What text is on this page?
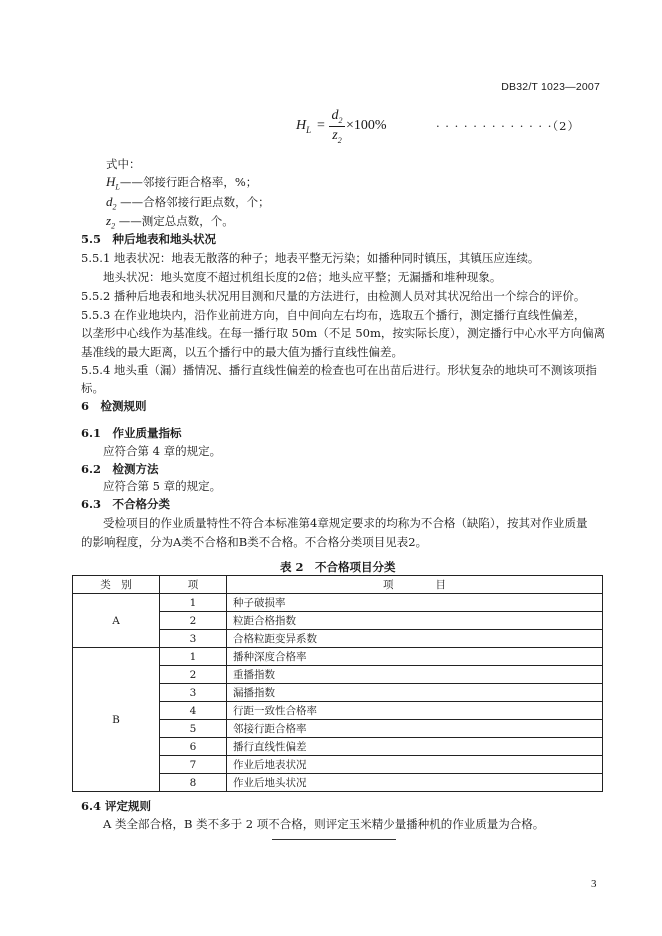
DB32/T 1023—2007
$H_L = \frac{d_2}{z_2} \times 100\%$	· · · · · · · · · · · · ·（2）
式中：
$H_L——$邻接行距合格率，%；
$d_2$ ——合格邻接行距点数，个；
$z_2$ ——测定总点数，个。
5.5　种后地表和地头状况
5.5.1 地表状况：地表无散落的种子；地表平整无污染；如播种同时镇压，其镇压应连续。
地头状况：地头宽度不超过机组长度的2倍；地头应平整；无漏播和堆种现象。
5.5.2 播种后地表和地头状况用目测和尺量的方法进行，由检测人员对其状况给出一个综合的评价。
5.5.3 在作业地块内，沿作业前进方向，自中间向左右均布，选取五个播行，测定播行直线性偏差，
以垄形中心线作为基准线。在每一播行取 50m（不足 50m，按实际长度），测定播行中心水平方向偏离
基准线的最大距离，以五个播行中的最大值为播行直线性偏差。
5.5.4 地头重（漏）播情况、播行直线性偏差的检查也可在出苗后进行。形状复杂的地块可不测该项指
标。
6　检测规则
6.1　作业质量指标
应符合第 4 章的规定。
6.2　检测方法
应符合第 5 章的规定。
6.3　不合格分类
受检项目的作业质量特性不符合本标准第4章规定要求的均称为不合格（缺陷），按其对作业质量
的影响程度，分为A类不合格和B类不合格。不合格分类项目见表2。
表 2　不合格项目分类
类　别	项	项　　　　目
A	1	种子破损率
	2	粒距合格指数
	3	合格粒距变异系数
B	1	播种深度合格率
	2	重播指数
	3	漏播指数
	4	行距一致性合格率
	5	邻接行距合格率
	6	播行直线性偏差
	7	作业后地表状况
	8	作业后地头状况
6.4 评定规则
A 类全部合格，B 类不多于 2 项不合格，则评定玉米精少量播种机的作业质量为合格。
3
